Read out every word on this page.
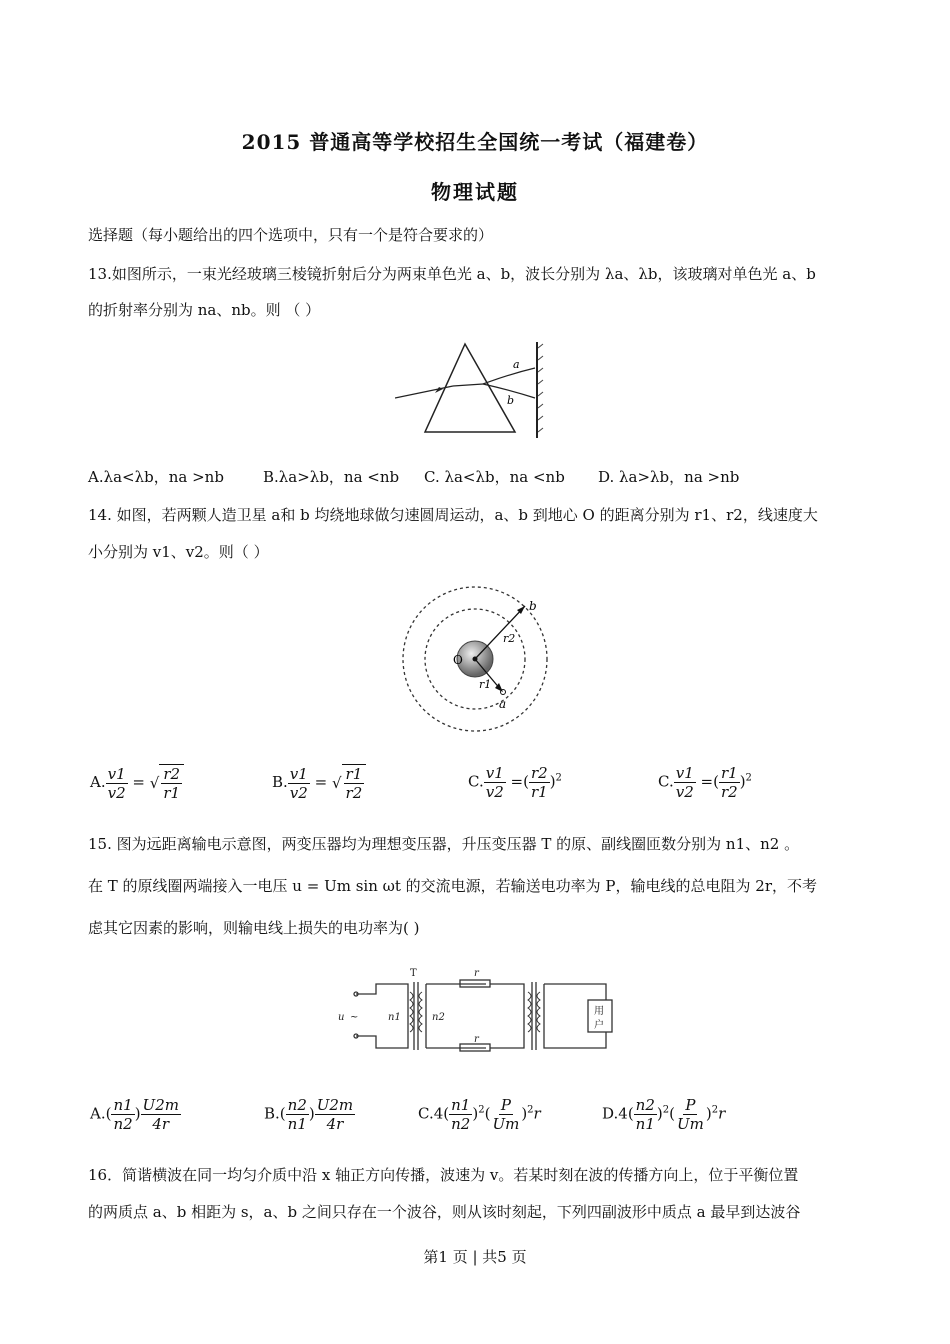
2015 普通高等学校招生全国统一考试（福建卷）
物理试题
选择题（每小题给出的四个选项中，只有一个是符合要求的）
13.如图所示，一束光经玻璃三棱镜折射后分为两束单色光 a、b，波长分别为 λa、λb，该玻璃对单色光 a、b
的折射率分别为 na、nb。则 （ ）
a
b
A.λa<λb，na >nb	B.λa>λb，na <nb C. λa<λb，na <nb D. λa>λb，na >nb
14. 如图，若两颗人造卫星 a和 b 均绕地球做匀速圆周运动，a、b 到地心 O 的距离分别为 r1、r2，线速度大
小分别为 v1、v2。则（ ）
b
r2
O
r1
a
A. $\frac{v1}{v2}$ = √ $\frac{r2}{r1}$	B. $\frac{v1}{v2}$ = √ $\frac{r1}{r2}$	C. $\frac{v1}{v2}$ =( $\frac{r2}{r1} )^2$	C. $\frac{v1}{v2}$ =( $\frac{r1}{r2} )^2$
15. 图为远距离输电示意图，两变压器均为理想变压器，升压变压器 T 的原、副线圈匝数分别为 n1、n2 。
在 T 的原线圈两端接入一电压 u = Um sin ωt 的交流电源，若输送电功率为 P，输电线的总电阻为 2r，不考
虑其它因素的影响，则输电线上损失的电功率为( )
T
u ~	n1	n2
r
r
用
户
$A.( \frac{n1}{n2}$ ) $\frac{U2m}{4r}$	$B.( \frac{n2}{n1}$ ) $\frac{U2m}{4r}$	$C.4( \frac{n1}{n2} )^2( \frac{P}{Um} )^2r$	$D.4( \frac{n2}{n1} )^2( \frac{P}{Um} )^2r$
16．简谐横波在同一均匀介质中沿 x 轴正方向传播，波速为 v。若某时刻在波的传播方向上，位于平衡位置
的两质点 a、b 相距为 s，a、b 之间只存在一个波谷，则从该时刻起，下列四副波形中质点 a 最早到达波谷
第1 页 | 共5 页
